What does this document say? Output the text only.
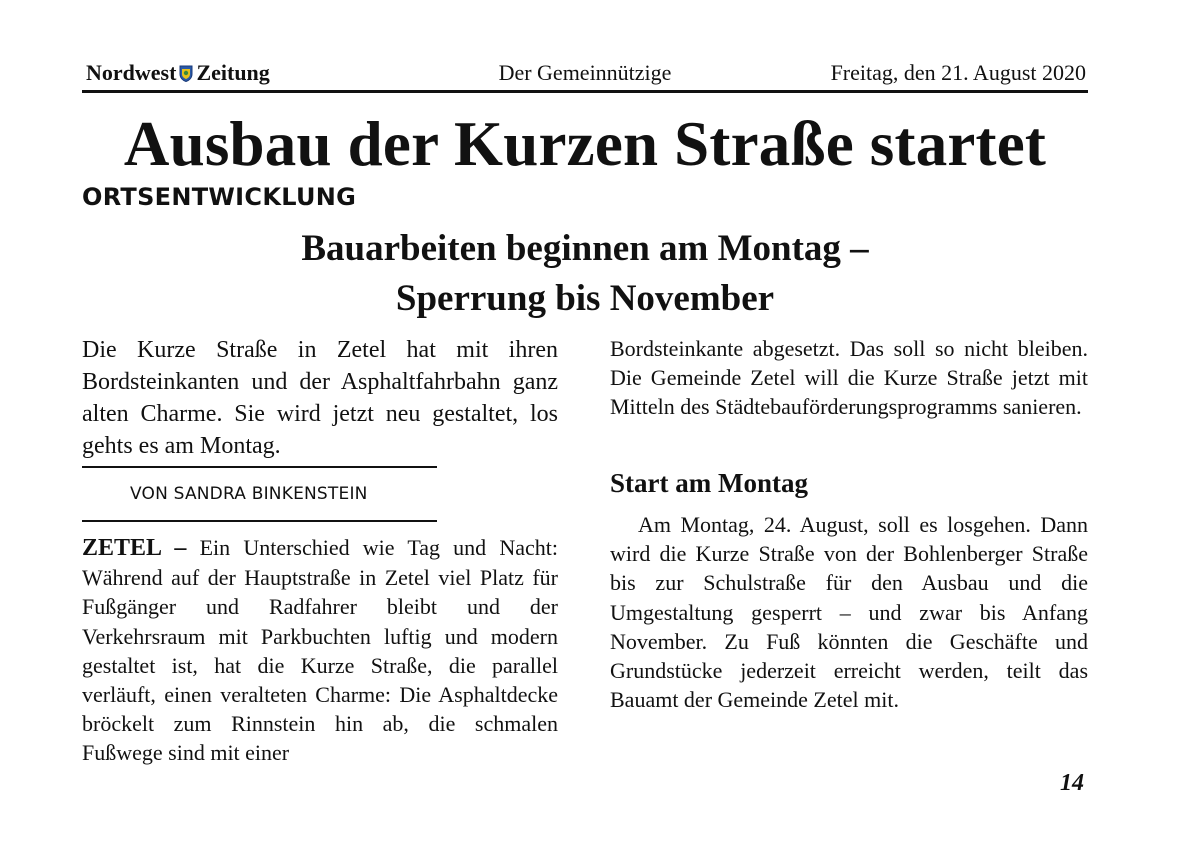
Nordwest Zeitung	Der Gemeinnützige	Freitag, den 21. August 2020
Ausbau der Kurzen Straße startet
ORTSENTWICKLUNG
Bauarbeiten beginnen am Montag –
Sperrung bis November
Die Kurze Straße in Zetel hat mit ihren Bordsteinkanten und der Asphaltfahrbahn ganz alten Charme. Sie wird jetzt neu gestaltet, los gehts es am Montag.
VON SANDRA BINKENSTEIN
ZETEL – Ein Unterschied wie Tag und Nacht: Während auf der Hauptstraße in Zetel viel Platz für Fußgänger und Radfahrer bleibt und der Verkehrsraum mit Parkbuchten luftig und modern gestaltet ist, hat die Kurze Straße, die parallel verläuft, einen veralteten Charme: Die Asphaltdecke bröckelt zum Rinnstein hin ab, die schmalen Fußwege sind mit einer
Bordsteinkante abgesetzt. Das soll so nicht bleiben. Die Gemeinde Zetel will die Kurze Straße jetzt mit Mitteln des Städtebauförderungsprogramms sanieren.
Start am Montag
Am Montag, 24. August, soll es losgehen. Dann wird die Kurze Straße von der Bohlenberger Straße bis zur Schulstraße für den Ausbau und die Umgestaltung gesperrt – und zwar bis Anfang November. Zu Fuß könnten die Geschäfte und Grundstücke jederzeit erreicht werden, teilt das Bauamt der Gemeinde Zetel mit.
14
